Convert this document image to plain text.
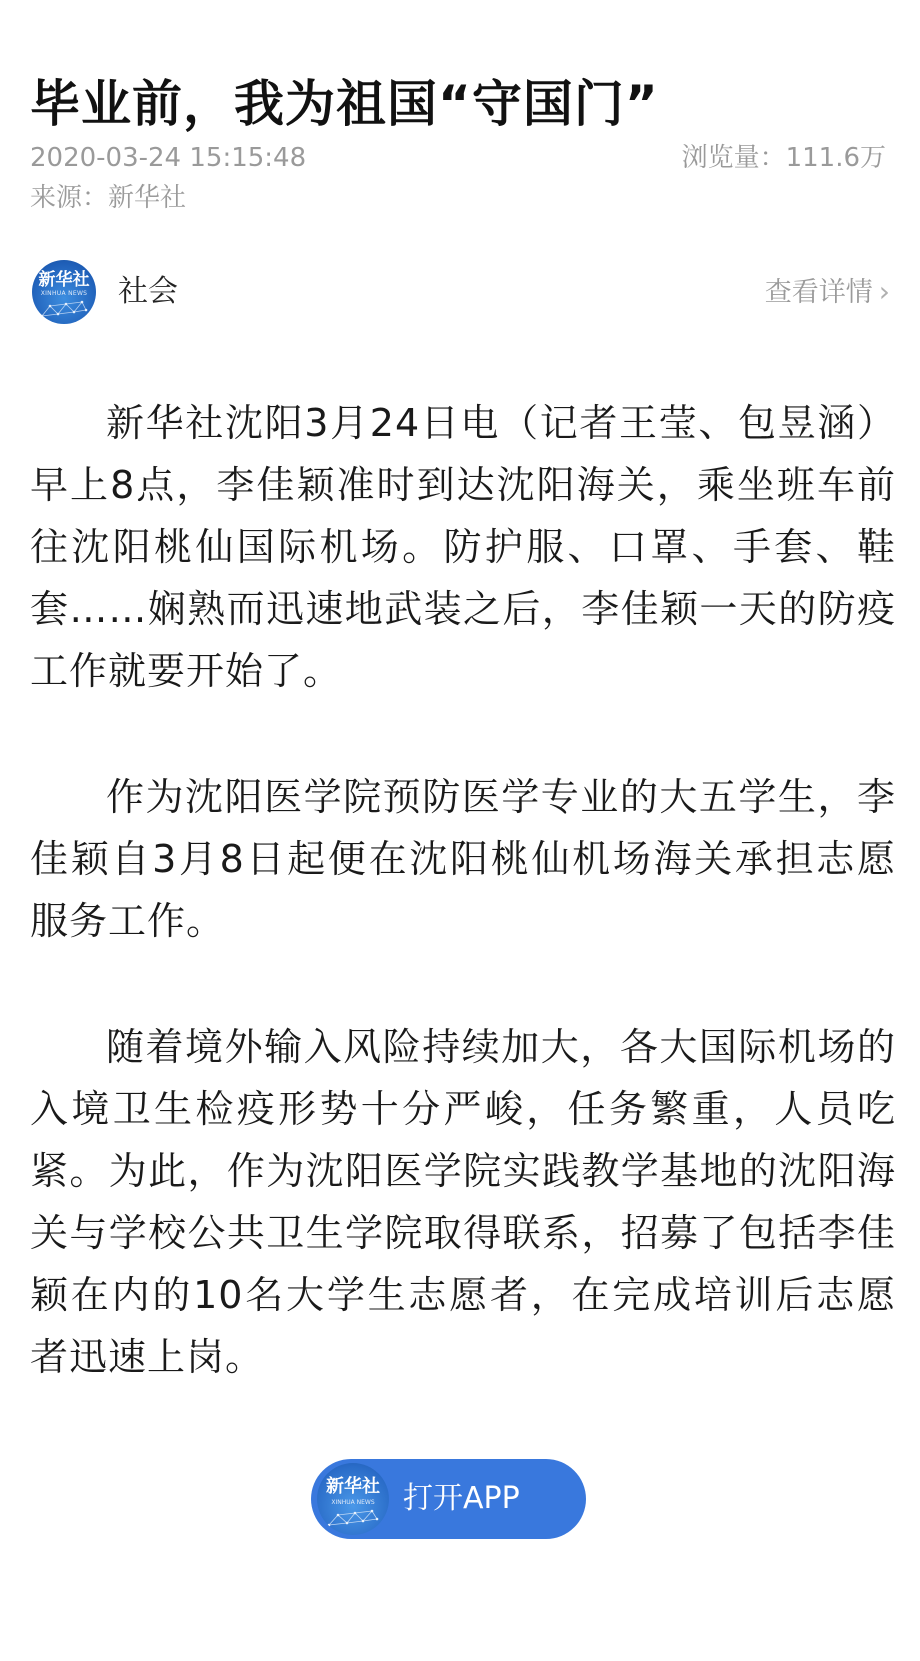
毕业前，我为祖国“守国门”
2020-03-24 15:15:48	浏览量：111.6万
来源：新华社
新华社
XINHUA NEWS 社会	查看详情 ›

新华社沈阳3月24日电（记者王莹、包昱涵）早上8点，李佳颖准时到达沈阳海关，乘坐班车前往沈阳桃仙国际机场。防护服、口罩、手套、鞋套……娴熟而迅速地武装之后，李佳颖一天的防疫工作就要开始了。

作为沈阳医学院预防医学专业的大五学生，李佳颖自3月8日起便在沈阳桃仙机场海关承担志愿服务工作。

随着境外输入风险持续加大，各大国际机场的入境卫生检疫形势十分严峻，任务繁重，人员吃紧。为此，作为沈阳医学院实践教学基地的沈阳海关与学校公共卫生学院取得联系，招募了包括李佳颖在内的10名大学生志愿者，在完成培训后志愿者迅速上岗。

新华社
XINHUA NEWS 打开APP
